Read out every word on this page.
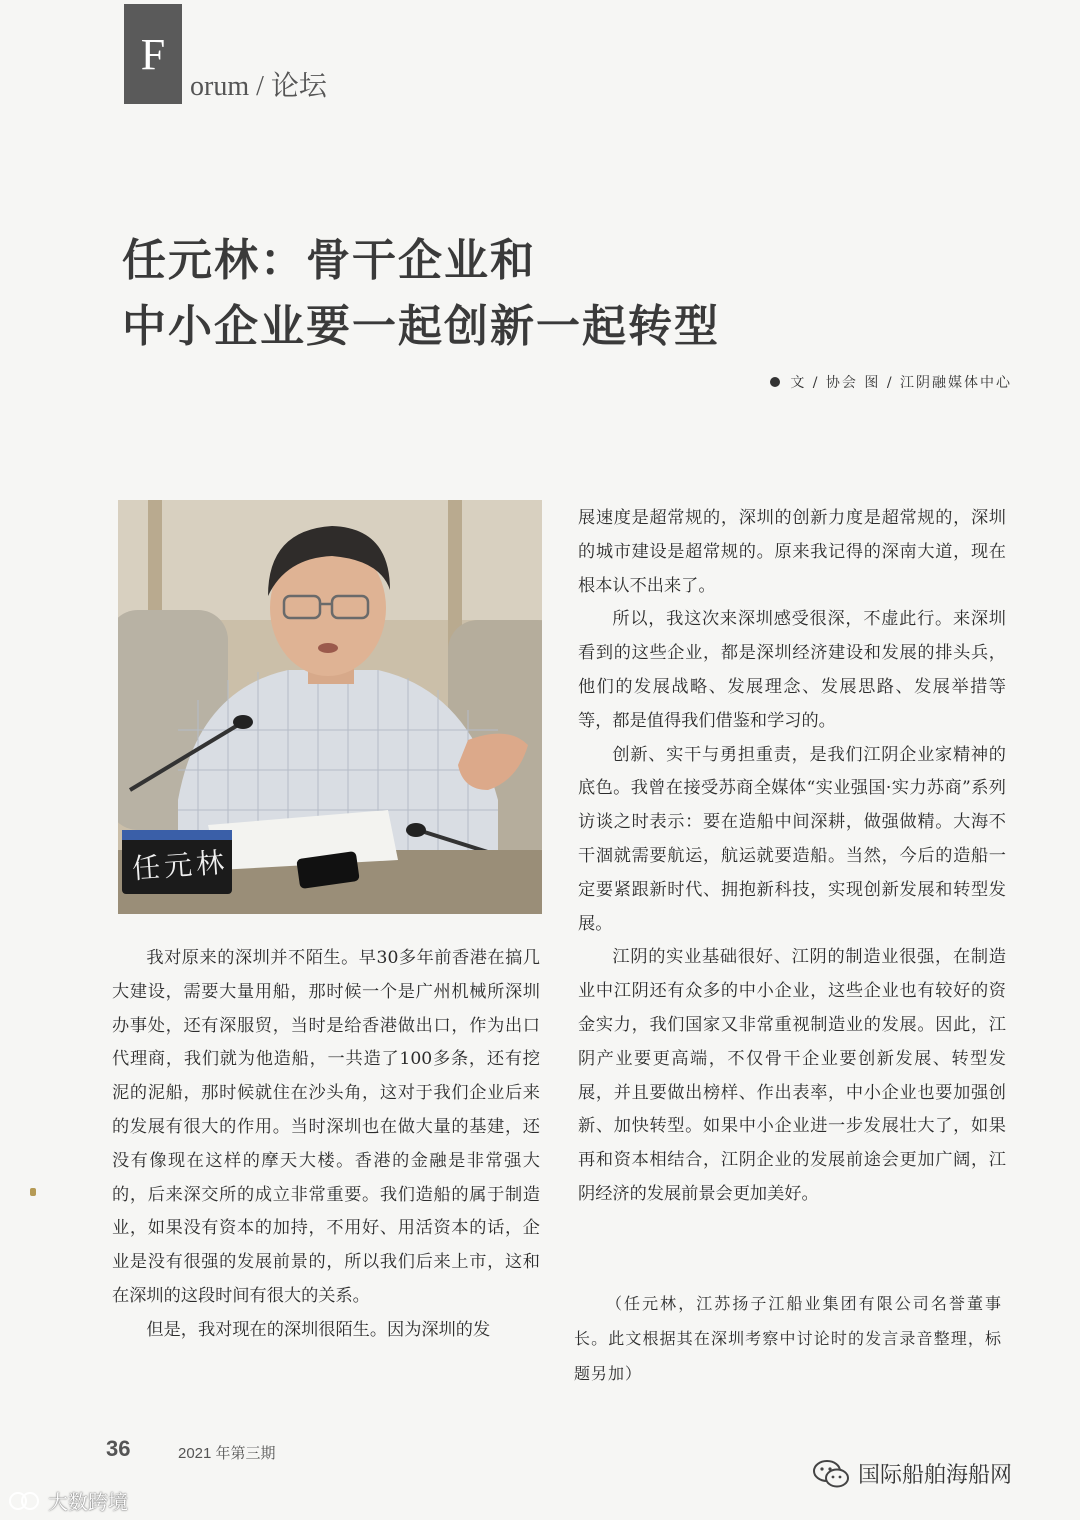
F
orum / 论坛
任元林：骨干企业和
中小企业要一起创新一起转型
文 / 协会 图 / 江阴融媒体中心
任元林

我对原来的深圳并不陌生。早30多年前香港在搞几大建设，需要大量用船，那时候一个是广州机械所深圳办事处，还有深服贸，当时是给香港做出口，作为出口代理商，我们就为他造船，一共造了100多条，还有挖泥的泥船，那时候就住在沙头角，这对于我们企业后来的发展有很大的作用。当时深圳也在做大量的基建，还没有像现在这样的摩天大楼。香港的金融是非常强大的，后来深交所的成立非常重要。我们造船的属于制造业，如果没有资本的加持，不用好、用活资本的话，企业是没有很强的发展前景的，所以我们后来上市，这和在深圳的这段时间有很大的关系。

但是，我对现在的深圳很陌生。因为深圳的发

展速度是超常规的，深圳的创新力度是超常规的，深圳的城市建设是超常规的。原来我记得的深南大道，现在根本认不出来了。

所以，我这次来深圳感受很深，不虚此行。来深圳看到的这些企业，都是深圳经济建设和发展的排头兵，他们的发展战略、发展理念、发展思路、发展举措等等，都是值得我们借鉴和学习的。

创新、实干与勇担重责，是我们江阴企业家精神的底色。我曾在接受苏商全媒体“实业强国·实力苏商”系列访谈之时表示：要在造船中间深耕，做强做精。大海不干涸就需要航运，航运就要造船。当然，今后的造船一定要紧跟新时代、拥抱新科技，实现创新发展和转型发展。

江阴的实业基础很好、江阴的制造业很强，在制造业中江阴还有众多的中小企业，这些企业也有较好的资金实力，我们国家又非常重视制造业的发展。因此，江阴产业要更高端，不仅骨干企业要创新发展、转型发展，并且要做出榜样、作出表率，中小企业也要加强创新、加快转型。如果中小企业进一步发展壮大了，如果再和资本相结合，江阴企业的发展前途会更加广阔，江阴经济的发展前景会更加美好。

（任元林，江苏扬子江船业集团有限公司名誉董事长。此文根据其在深圳考察中讨论时的发言录音整理，标题另加）
36	2021 年第三期
大数跨境
国际船舶海船网
